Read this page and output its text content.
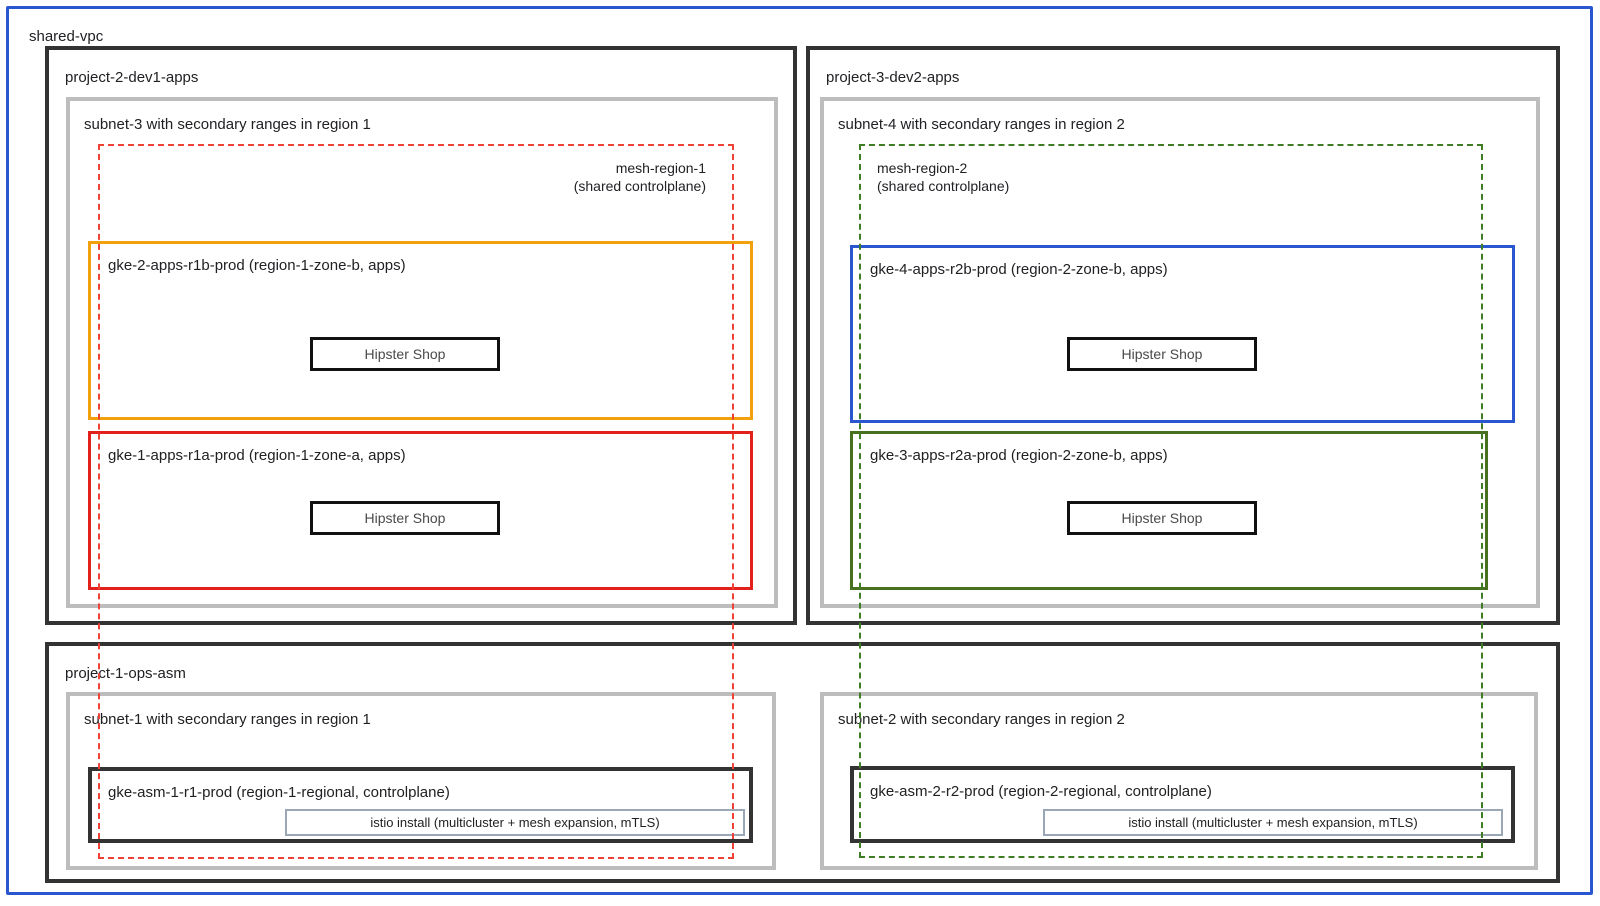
shared-vpc
project-2-dev1-apps
subnet-3 with secondary ranges in region 1
project-3-dev2-apps
subnet-4 with secondary ranges in region 2
project-1-ops-asm
subnet-1 with secondary ranges in region 1	subnet-2 with secondary ranges in region 2
gke-2-apps-r1b-prod (region-1-zone-b, apps)
Hipster Shop
gke-1-apps-r1a-prod (region-1-zone-a, apps)
Hipster Shop
gke-4-apps-r2b-prod (region-2-zone-b, apps)
Hipster Shop
gke-3-apps-r2a-prod (region-2-zone-b, apps)
Hipster Shop
gke-asm-1-r1-prod (region-1-regional, controlplane)
istio install (multicluster + mesh expansion, mTLS)
gke-asm-2-r2-prod (region-2-regional, controlplane)
istio install (multicluster + mesh expansion, mTLS)
mesh-region-1
(shared controlplane)
mesh-region-2
(shared controlplane)
